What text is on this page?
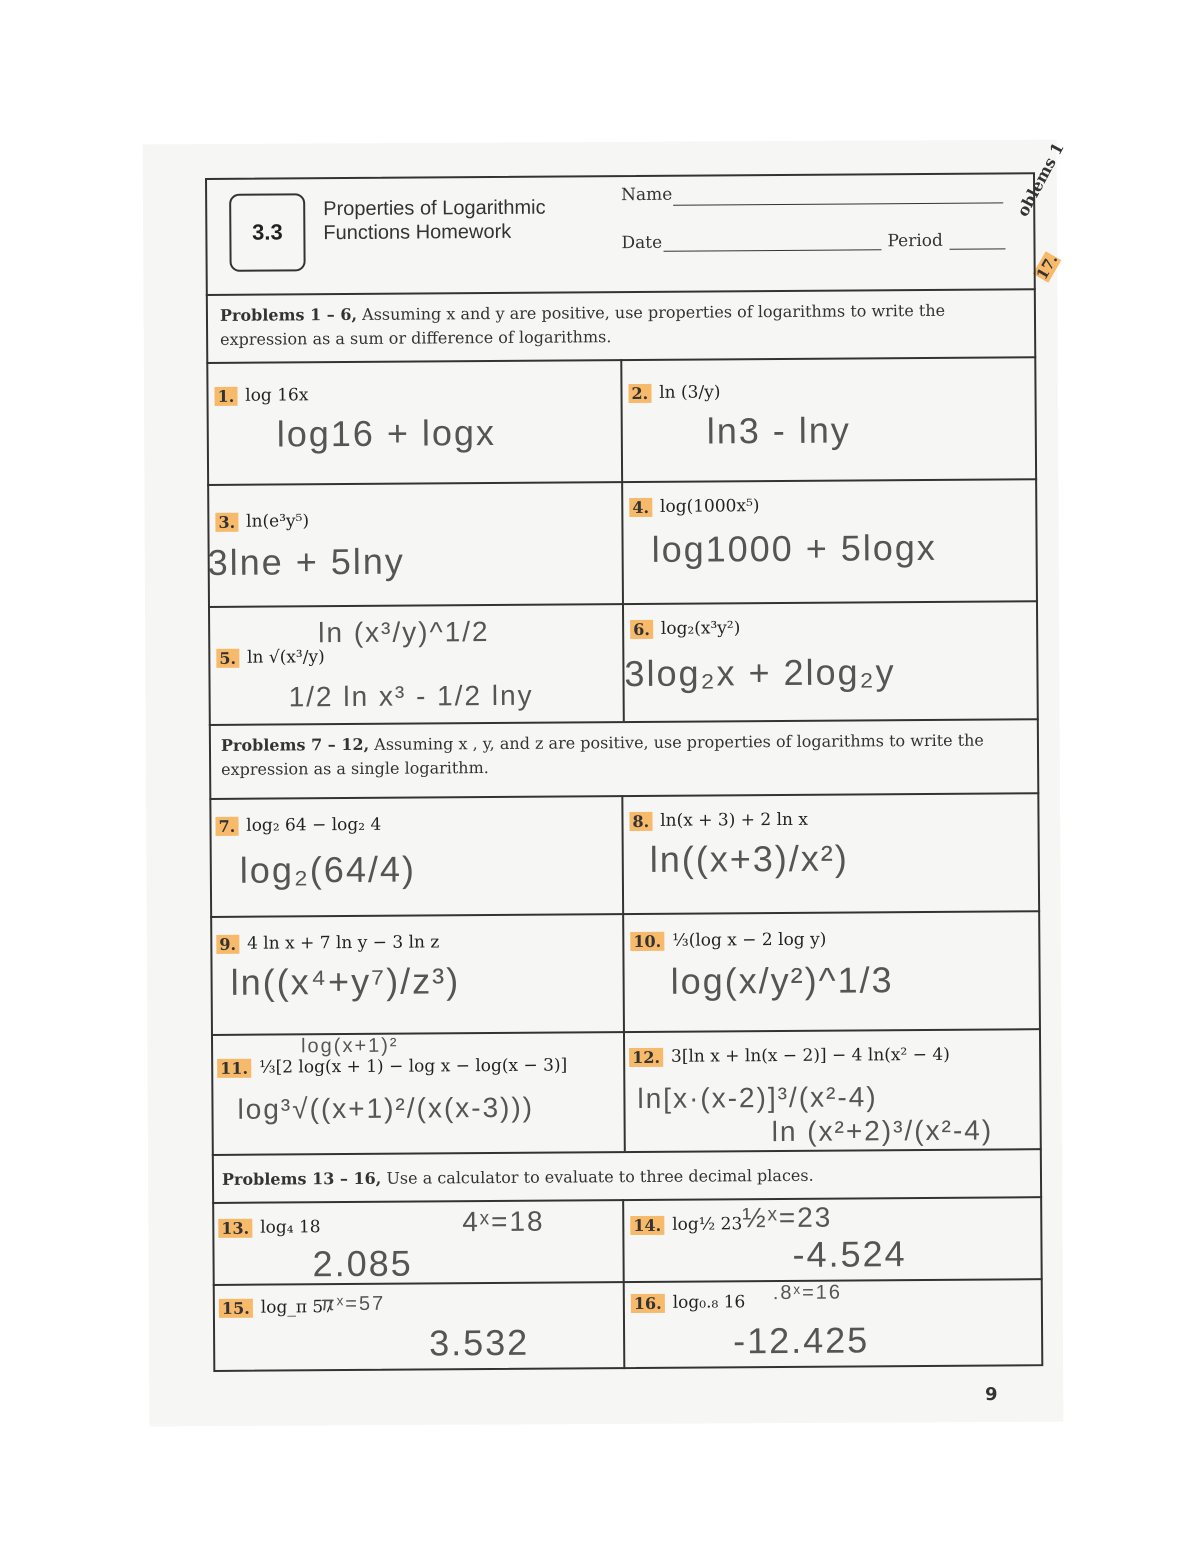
oblems 1
17.
3.3
Properties of Logarithmic
Functions Homework
Name
Date	Period
Problems 1 – 6, Assuming x and y are positive, use properties of logarithms to write the expression as a sum or difference of logarithms.
Problems 7 – 12, Assuming x , y, and z are positive, use properties of logarithms to write the expression as a single logarithm.
Problems 13 – 16, Use a calculator to evaluate to three decimal places.
1. log 16x
log16 + logx
2. ln (3/y)
ln3 - lny
3. ln(e³y⁵)
3lne + 5lny
4. log(1000x⁵)
log1000 + 5logx
5. ln √(x³/y)
ln (x³/y)^1/2
1/2 ln x³ - 1/2 lny
6. log₂(x³y²)
3log₂x + 2log₂y
7. log₂ 64 − log₂ 4
log₂(64/4)
8. ln(x + 3) + 2 ln x
ln((x+3)/x²)
9. 4 ln x + 7 ln y − 3 ln z
ln((x⁴+y⁷)/z³)
10. ⅓(log x − 2 log y)
log(x/y²)^1/3
log(x+1)²
11. ⅓[2 log(x + 1) − log x − log(x − 3)]
log³√((x+1)²/(x(x-3)))
12. 3[ln x + ln(x − 2)] − 4 ln(x² − 4)
ln[x·(x-2)]³/(x²-4)
ln (x²+2)³/(x²-4)
13. log₄ 18	4ˣ=18
2.085
14. log½ 23 ½ˣ=23
-4.524
15. log_π 57
πˣ=57
3.532
16. log₀.₈ 16 .8ˣ=16
-12.425
9
